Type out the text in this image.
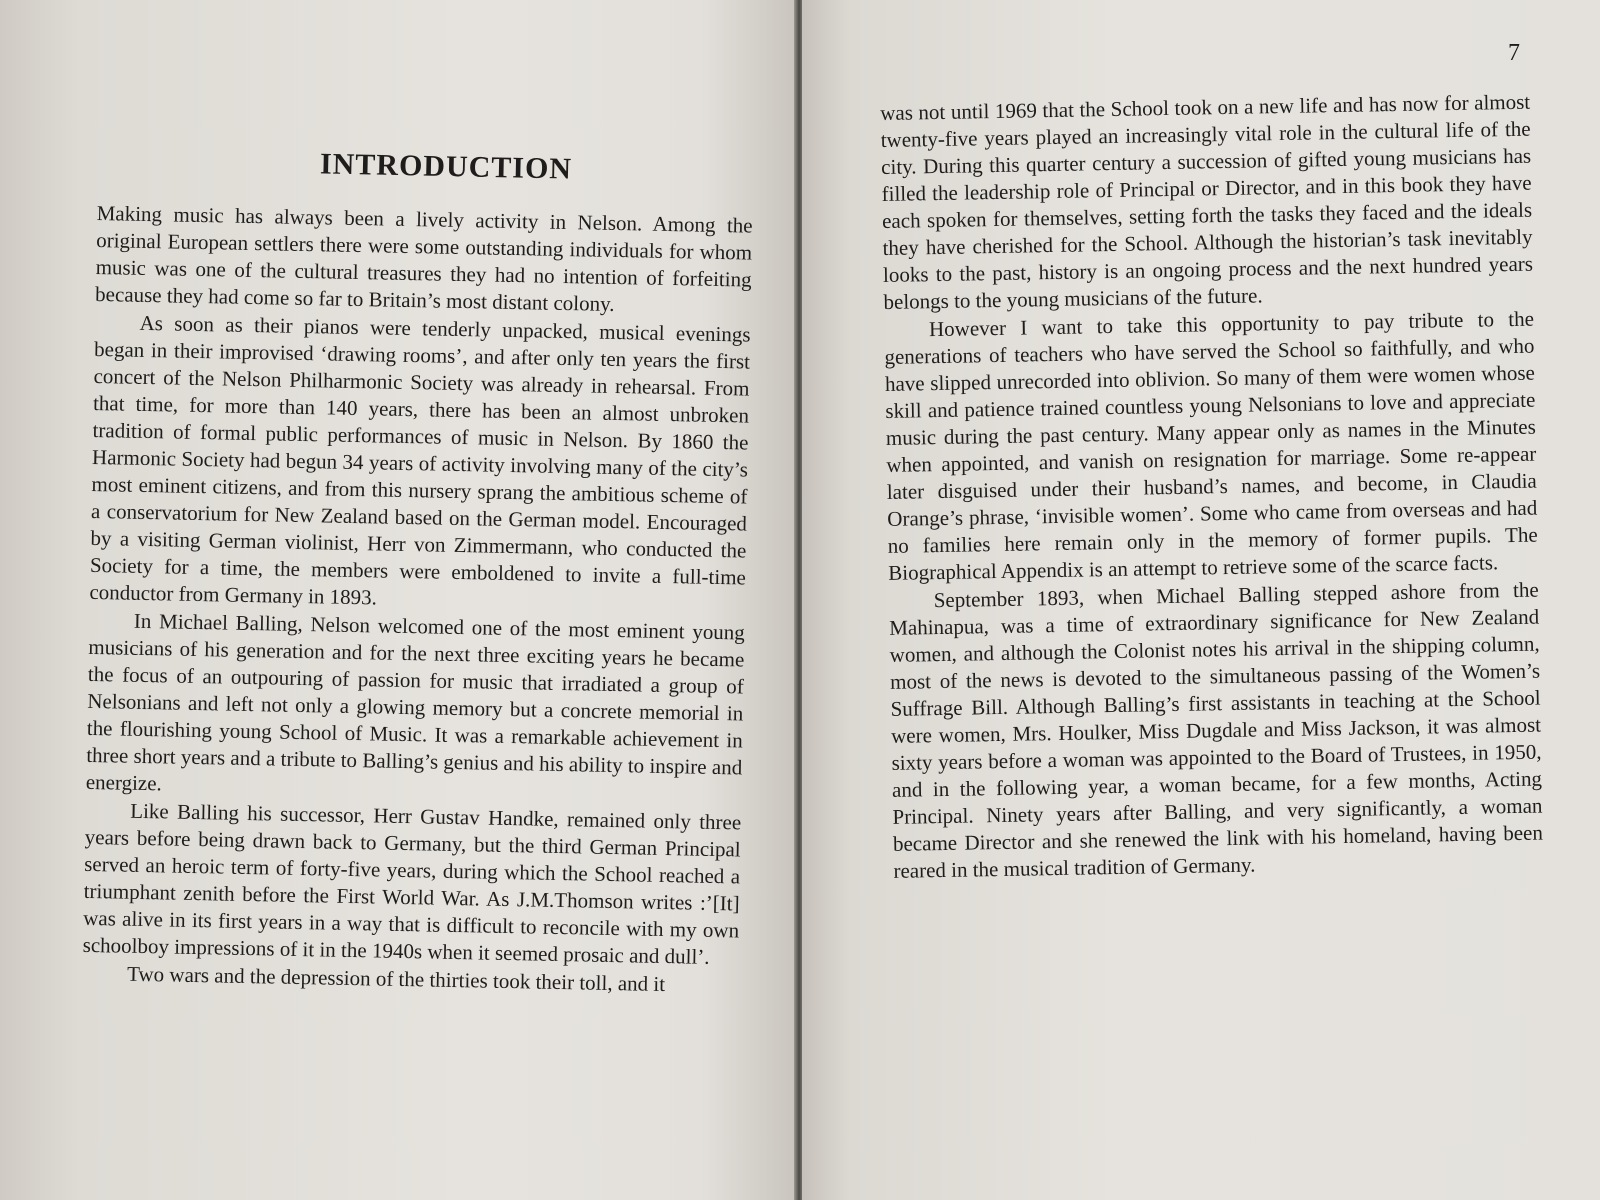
INTRODUCTION

Making music has always been a lively activity in Nelson. Among the original European settlers there were some outstanding individuals for whom music was one of the cultural treasures they had no intention of forfeiting because they had come so far to Britain’s most distant colony.

As soon as their pianos were tenderly unpacked, musical evenings began in their improvised ‘drawing rooms’, and after only ten years the first concert of the Nelson Philharmonic Society was already in rehearsal. From that time, for more than 140 years, there has been an almost unbroken tradition of formal public performances of music in Nelson. By 1860 the Harmonic Society had begun 34 years of activity involving many of the city’s most eminent citizens, and from this nursery sprang the ambitious scheme of a conservatorium for New Zealand based on the German model. Encouraged by a visiting German violinist, Herr von Zimmermann, who conducted the Society for a time, the members were emboldened to invite a full-time conductor from Germany in 1893.

In Michael Balling, Nelson welcomed one of the most eminent young musicians of his generation and for the next three exciting years he became the focus of an outpouring of passion for music that irradiated a group of Nelsonians and left not only a glowing memory but a concrete memorial in the flourishing young School of Music. It was a remarkable achievement in three short years and a tribute to Balling’s genius and his ability to inspire and energize.

Like Balling his successor, Herr Gustav Handke, remained only three years before being drawn back to Germany, but the third German Principal served an heroic term of forty-five years, during which the School reached a triumphant zenith before the First World War. As J.M.Thomson writes :’[It] was alive in its first years in a way that is difficult to reconcile with my own schoolboy impressions of it in the 1940s when it seemed prosaic and dull’.

Two wars and the depression of the thirties took their toll, and it

7

was not until 1969 that the School took on a new life and has now for almost twenty-five years played an increasingly vital role in the cultural life of the city. During this quarter century a succession of gifted young musicians has filled the leadership role of Principal or Director, and in this book they have each spoken for themselves, setting forth the tasks they faced and the ideals they have cherished for the School. Although the historian’s task inevitably looks to the past, history is an ongoing process and the next hundred years belongs to the young musicians of the future.

However I want to take this opportunity to pay tribute to the generations of teachers who have served the School so faithfully, and who have slipped unrecorded into oblivion. So many of them were women whose skill and patience trained countless young Nelsonians to love and appreciate music during the past century. Many appear only as names in the Minutes when appointed, and vanish on resignation for marriage. Some re-appear later disguised under their husband’s names, and become, in Claudia Orange’s phrase, ‘invisible women’. Some who came from overseas and had no families here remain only in the memory of former pupils. The Biographical Appendix is an attempt to retrieve some of the scarce facts.

September 1893, when Michael Balling stepped ashore from the Mahinapua, was a time of extraordinary significance for New Zealand women, and although the Colonist notes his arrival in the shipping column, most of the news is devoted to the simultaneous passing of the Women’s Suffrage Bill. Although Balling’s first assistants in teaching at the School were women, Mrs. Houlker, Miss Dugdale and Miss Jackson, it was almost sixty years before a woman was appointed to the Board of Trustees, in 1950, and in the following year, a woman became, for a few months, Acting Principal. Ninety years after Balling, and very significantly, a woman became Director and she renewed the link with his homeland, having been reared in the musical tradition of Germany.
